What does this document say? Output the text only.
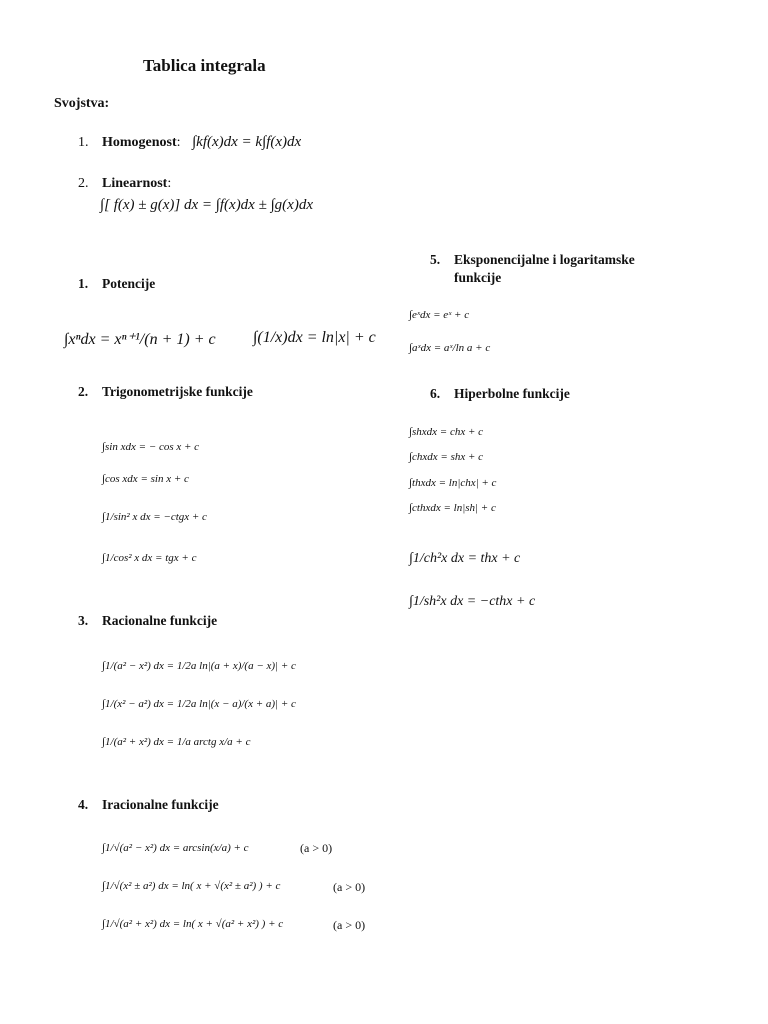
Tablica integrala
Svojstva:
1. Homogenost: ∫kf(x)dx = k∫f(x)dx
2. Linearnost:
∫[ f(x) ± g(x)] dx = ∫f(x)dx ± ∫g(x)dx
1. Potencije
∫xⁿdx = xⁿ⁺¹/(n + 1) + c ∫(1/x)dx = ln|x| + c
2. Trigonometrijske funkcije
∫sin xdx = − cos x + c
∫cos xdx = sin x + c
∫1/sin² x dx = −ctgx + c
∫1/cos² x dx = tgx + c
3. Racionalne funkcije
∫1/(a² − x²) dx = 1/2a ln|(a + x)/(a − x)| + c
∫1/(x² − a²) dx = 1/2a ln|(x − a)/(x + a)| + c
∫1/(a² + x²) dx = 1/a arctg x/a + c
4. Iracionalne funkcije
∫1/√(a² − x²) dx = arcsin(x/a) + c	(a > 0)
∫1/√(x² ± a²) dx = ln( x + √(x² ± a²) ) + c	(a > 0)
∫1/√(a² + x²) dx = ln( x + √(a² + x²) ) + c	(a > 0)
5. Eksponencijalne i logaritamske
funkcije
∫eˣdx = eˣ + c
∫aˣdx = aˣ/ln a + c
6. Hiperbolne funkcije
∫shxdx = chx + c
∫chxdx = shx + c
∫thxdx = ln|chx| + c
∫cthxdx = ln|sh| + c
∫1/ch²x dx = thx + c
∫1/sh²x dx = −cthx + c
